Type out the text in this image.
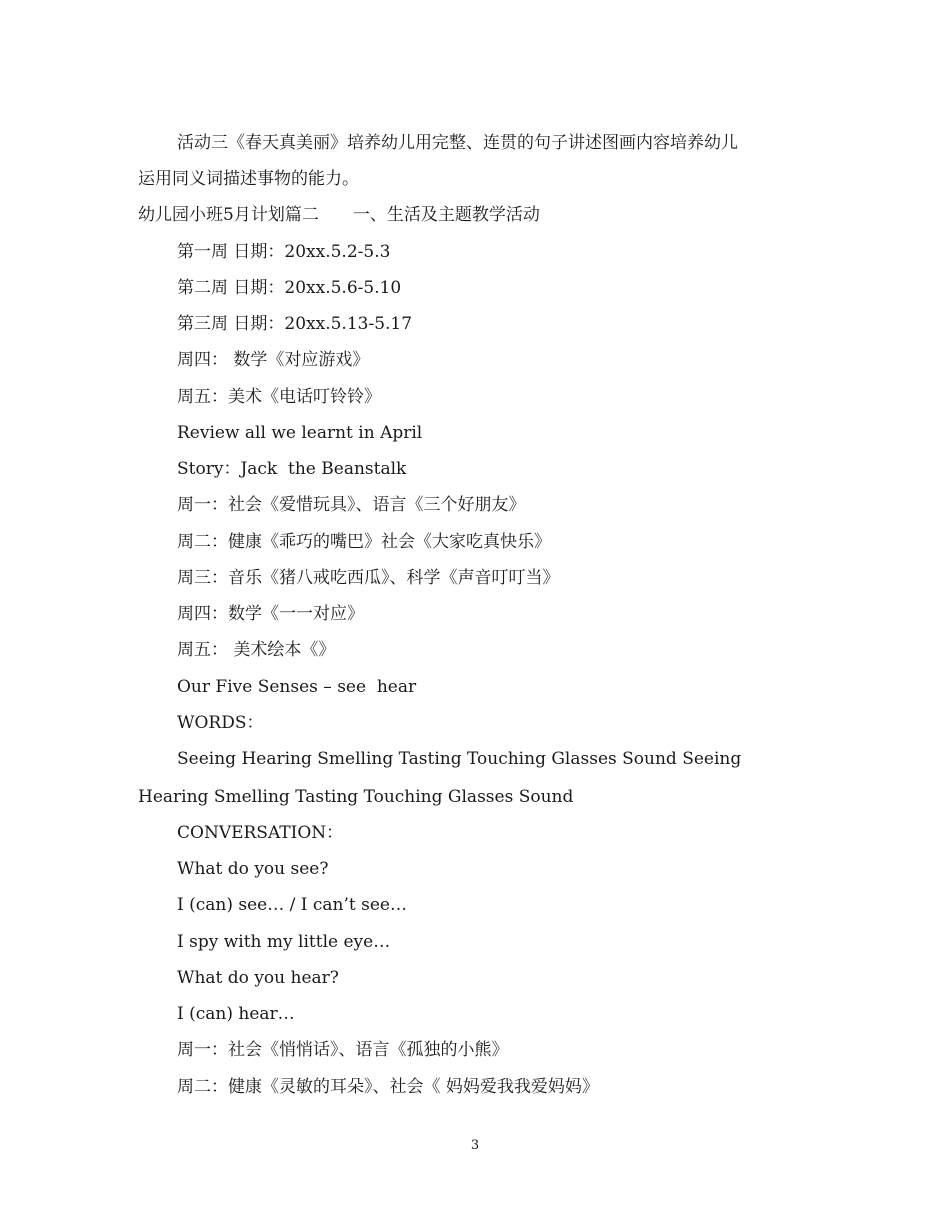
活动三《春天真美丽》培养幼儿用完整、连贯的句子讲述图画内容培养幼儿
运用同义词描述事物的能力。
幼儿园小班5月计划篇二　　一、生活及主题教学活动
第一周 日期：20xx.5.2-5.3
第二周 日期：20xx.5.6-5.10
第三周 日期：20xx.5.13-5.17
周四： 数学《对应游戏》
周五：美术《电话叮铃铃》
Review all we learnt in April
Story：Jack  the Beanstalk
周一：社会《爱惜玩具》、语言《三个好朋友》
周二：健康《乖巧的嘴巴》社会《大家吃真快乐》
周三：音乐《猪八戒吃西瓜》、科学《声音叮叮当》
周四：数学《一一对应》
周五： 美术绘本《》
Our Five Senses – see  hear
WORDS：
Seeing Hearing Smelling Tasting Touching Glasses Sound Seeing
Hearing Smelling Tasting Touching Glasses Sound
CONVERSATION：
What do you see?
I (can) see… / I can’t see…
I spy with my little eye…
What do you hear?
I (can) hear…
周一：社会《悄悄话》、语言《孤独的小熊》
周二：健康《灵敏的耳朵》、社会《 妈妈爱我我爱妈妈》
3
